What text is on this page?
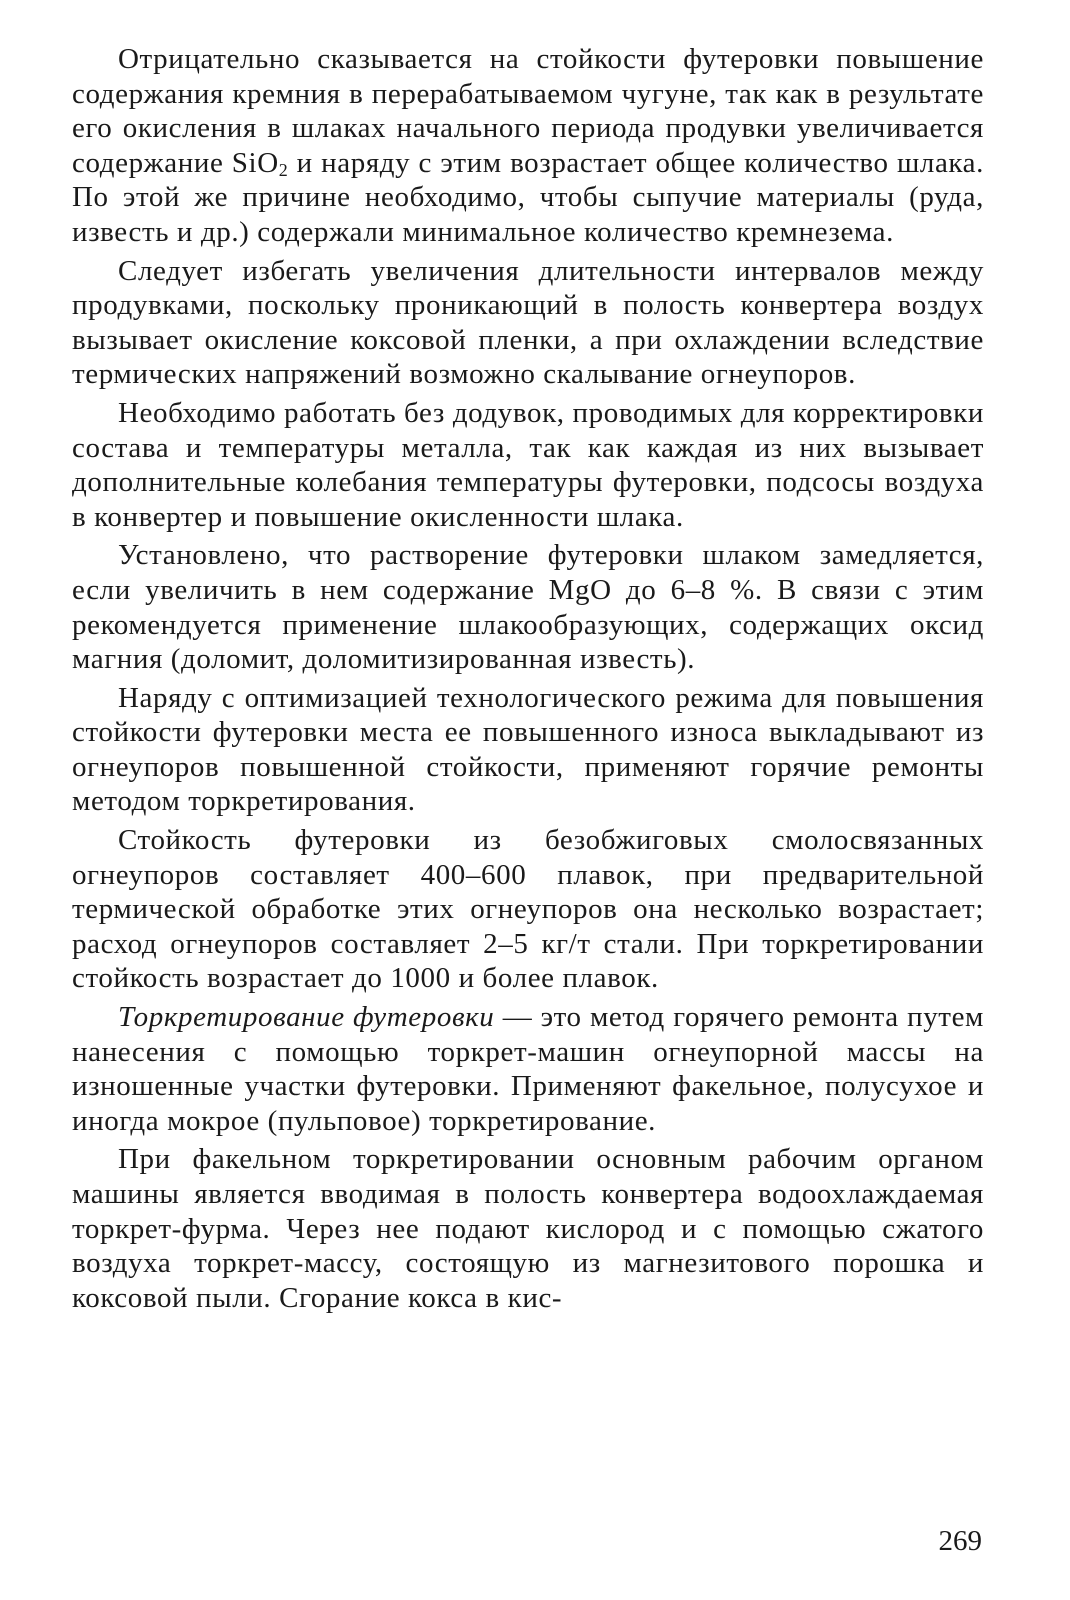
Отрицательно сказывается на стойкости футеровки повышение содержания кремния в перерабатываемом чугуне, так как в результате его окисления в шлаках начального периода продувки увеличивается содержание SiO$_2$ и наряду с этим возрастает общее количество шлака. По этой же причине необходимо, чтобы сыпучие материалы (руда, известь и др.) содержали минимальное количество кремнезема.

Следует избегать увеличения длительности интервалов между продувками, поскольку проникающий в полость конвертера воздух вызывает окисление коксовой пленки, а при охлаждении вследствие термических напряжений возможно скалывание огнеупоров.

Необходимо работать без додувок, проводимых для корректировки состава и температуры металла, так как каждая из них вызывает дополнительные колебания температуры футеровки, подсосы воздуха в конвертер и повышение окисленности шлака.

Установлено, что растворение футеровки шлаком замедляется, если увеличить в нем содержание MgO до 6–8 %. В связи с этим рекомендуется применение шлакообразующих, содержащих оксид магния (доломит, доломитизированная известь).

Наряду с оптимизацией технологического режима для повышения стойкости футеровки места ее повышенного износа выкладывают из огнеупоров повышенной стойкости, применяют горячие ремонты методом торкретирования.

Стойкость футеровки из безобжиговых смолосвязанных огнеупоров составляет 400–600 плавок, при предварительной термической обработке этих огнеупоров она несколько возрастает; расход огнеупоров составляет 2–5 кг/т стали. При торкретировании стойкость возрастает до 1000 и более плавок.

Торкретирование футеровки — это метод горячего ремонта путем нанесения с помощью торкрет-машин огнеупорной массы на изношенные участки футеровки. Применяют факельное, полусухое и иногда мокрое (пульповое) торкретирование.

При факельном торкретировании основным рабочим органом машины является вводимая в полость конвертера водоохлаждаемая торкрет-фурма. Через нее подают кислород и с помощью сжатого воздуха торкрет-массу, состоящую из магнезитового порошка и коксовой пыли. Сгорание кокса в кис-

269
